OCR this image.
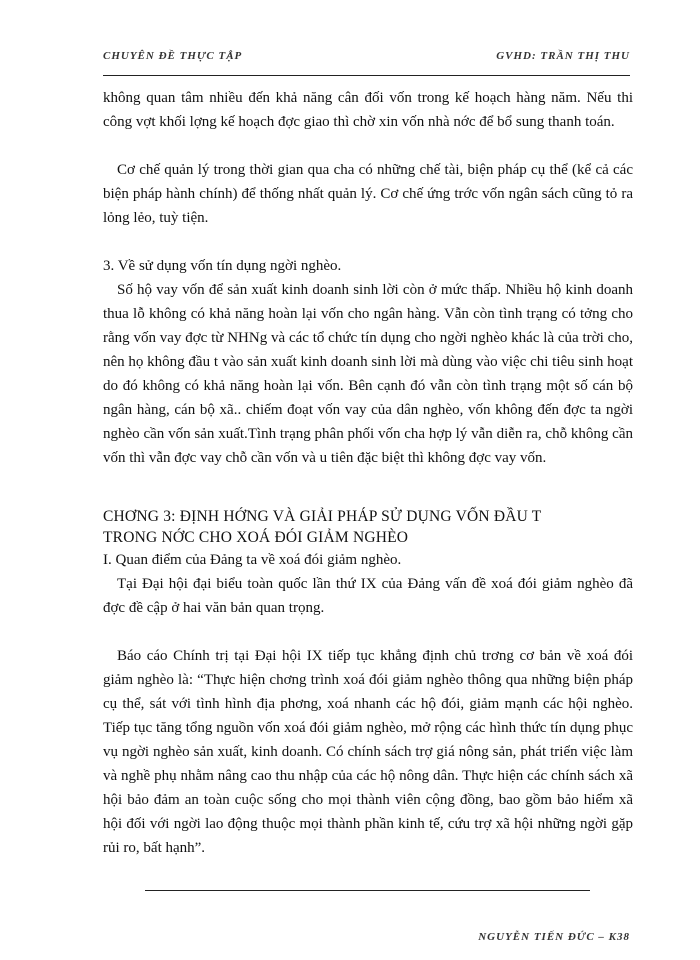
CHUYÊN ĐỀ THỰC TẬP	GVHD: TRẦN THỊ THU

không quan tâm nhiều đến khả năng cân đối vốn trong kế hoạch hàng năm. Nếu thi công vợt khối lợng kế hoạch đợc giao thì chờ xin vốn nhà nớc để bổ sung thanh toán.

Cơ chế quản lý trong thời gian qua cha có những chế tài, biện pháp cụ thể (kể cả các biện pháp hành chính) để thống nhất quản lý. Cơ chế ứng trớc vốn ngân sách cũng tỏ ra lỏng lẻo, tuỳ tiện.

3. Về sử dụng vốn tín dụng ngời nghèo.

Số hộ vay vốn để sản xuất kinh doanh sinh lời còn ở mức thấp. Nhiều hộ kinh doanh thua lỗ không có khả năng hoàn lại vốn cho ngân hàng. Vẫn còn tình trạng có tởng cho rằng vốn vay đợc từ NHNg và các tổ chức tín dụng cho ngời nghèo khác là của trời cho, nên họ không đầu t vào sản xuất kinh doanh sinh lời mà dùng vào việc chi tiêu sinh hoạt do đó không có khả năng hoàn lại vốn. Bên cạnh đó vẫn còn tình trạng một số cán bộ ngân hàng, cán bộ xã.. chiếm đoạt vốn vay của dân nghèo, vốn không đến đợc ta ngời nghèo cần vốn sản xuất.Tình trạng phân phối vốn cha hợp lý vẫn diễn ra, chỗ không cần vốn thì vẫn đợc vay chỗ cần vốn và u tiên đặc biệt thì không đợc vay vốn.

CHƠNG 3: ĐỊNH HỚNG VÀ GIẢI PHÁP SỬ DỤNG VỐN ĐẦU T

TRONG NỚC CHO XOÁ ĐÓI GIẢM NGHÈO

I. Quan điểm của Đảng ta về xoá đói giảm nghèo.

Tại Đại hội đại biểu toàn quốc lần thứ IX của Đảng vấn đề xoá đói giảm nghèo đã đợc đề cập ở hai văn bản quan trọng.

Báo cáo Chính trị tại Đại hội IX tiếp tục khẳng định chủ trơng cơ bản về xoá đói giảm nghèo là: “Thực hiện chơng trình xoá đói giảm nghèo thông qua những biện pháp cụ thể, sát với tình hình địa phơng, xoá nhanh các hộ đói, giảm mạnh các hội nghèo. Tiếp tục tăng tổng nguồn vốn xoá đói giảm nghèo, mở rộng các hình thức tín dụng phục vụ ngời nghèo sản xuất, kinh doanh. Có chính sách trợ giá nông sản, phát triển việc làm và nghề phụ nhằm nâng cao thu nhập của các hộ nông dân. Thực hiện các chính sách xã hội bảo đảm an toàn cuộc sống cho mọi thành viên cộng đồng, bao gồm bảo hiểm xã hội đối với ngời lao động thuộc mọi thành phần kinh tế, cứu trợ xã hội những ngời gặp rủi ro, bất hạnh”.

NGUYỄN TIẾN ĐỨC – K38
